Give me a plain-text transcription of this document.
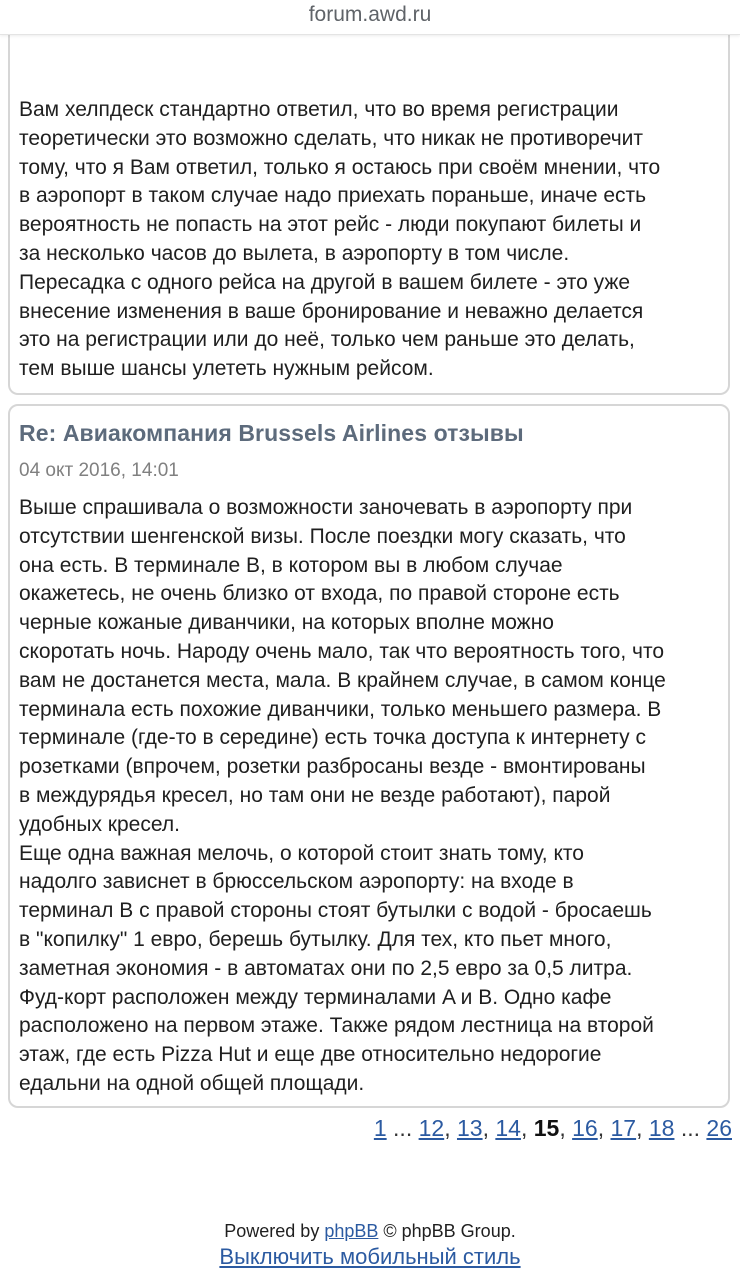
forum.awd.ru
Вам хелпдеск стандартно ответил, что во время регистрации
теоретически это возможно сделать, что никак не противоречит
тому, что я Вам ответил, только я остаюсь при своём мнении, что
в аэропорт в таком случае надо приехать пораньше, иначе есть
вероятность не попасть на этот рейс - люди покупают билеты и
за несколько часов до вылета, в аэропорту в том числе.
Пересадка с одного рейса на другой в вашем билете - это уже
внесение изменения в ваше бронирование и неважно делается
это на регистрации или до неё, только чем раньше это делать,
тем выше шансы улететь нужным рейсом.
Re: Авиакомпания Brussels Airlines отзывы
04 окт 2016, 14:01
Выше спрашивала о возможности заночевать в аэропорту при
отсутствии шенгенской визы. После поездки могу сказать, что
она есть. В терминале B, в котором вы в любом случае
окажетесь, не очень близко от входа, по правой стороне есть
черные кожаные диванчики, на которых вполне можно
скоротать ночь. Народу очень мало, так что вероятность того, что
вам не достанется места, мала. В крайнем случае, в самом конце
терминала есть похожие диванчики, только меньшего размера. В
терминале (где-то в середине) есть точка доступа к интернету с
розетками (впрочем, розетки разбросаны везде - вмонтированы
в междурядья кресел, но там они не везде работают), парой
удобных кресел.
Еще одна важная мелочь, о которой стоит знать тому, кто
надолго зависнет в брюссельском аэропорту: на входе в
терминал B с правой стороны стоят бутылки с водой - бросаешь
в "копилку" 1 евро, берешь бутылку. Для тех, кто пьет много,
заметная экономия - в автоматах они по 2,5 евро за 0,5 литра.
Фуд-корт расположен между терминалами A и B. Одно кафе
расположено на первом этаже. Также рядом лестница на второй
этаж, где есть Pizza Hut и еще две относительно недорогие
едальни на одной общей площади.
1 ... 12, 13, 14, 15, 16, 17, 18 ... 26
Powered by phpBB © phpBB Group.
Выключить мобильный стиль
